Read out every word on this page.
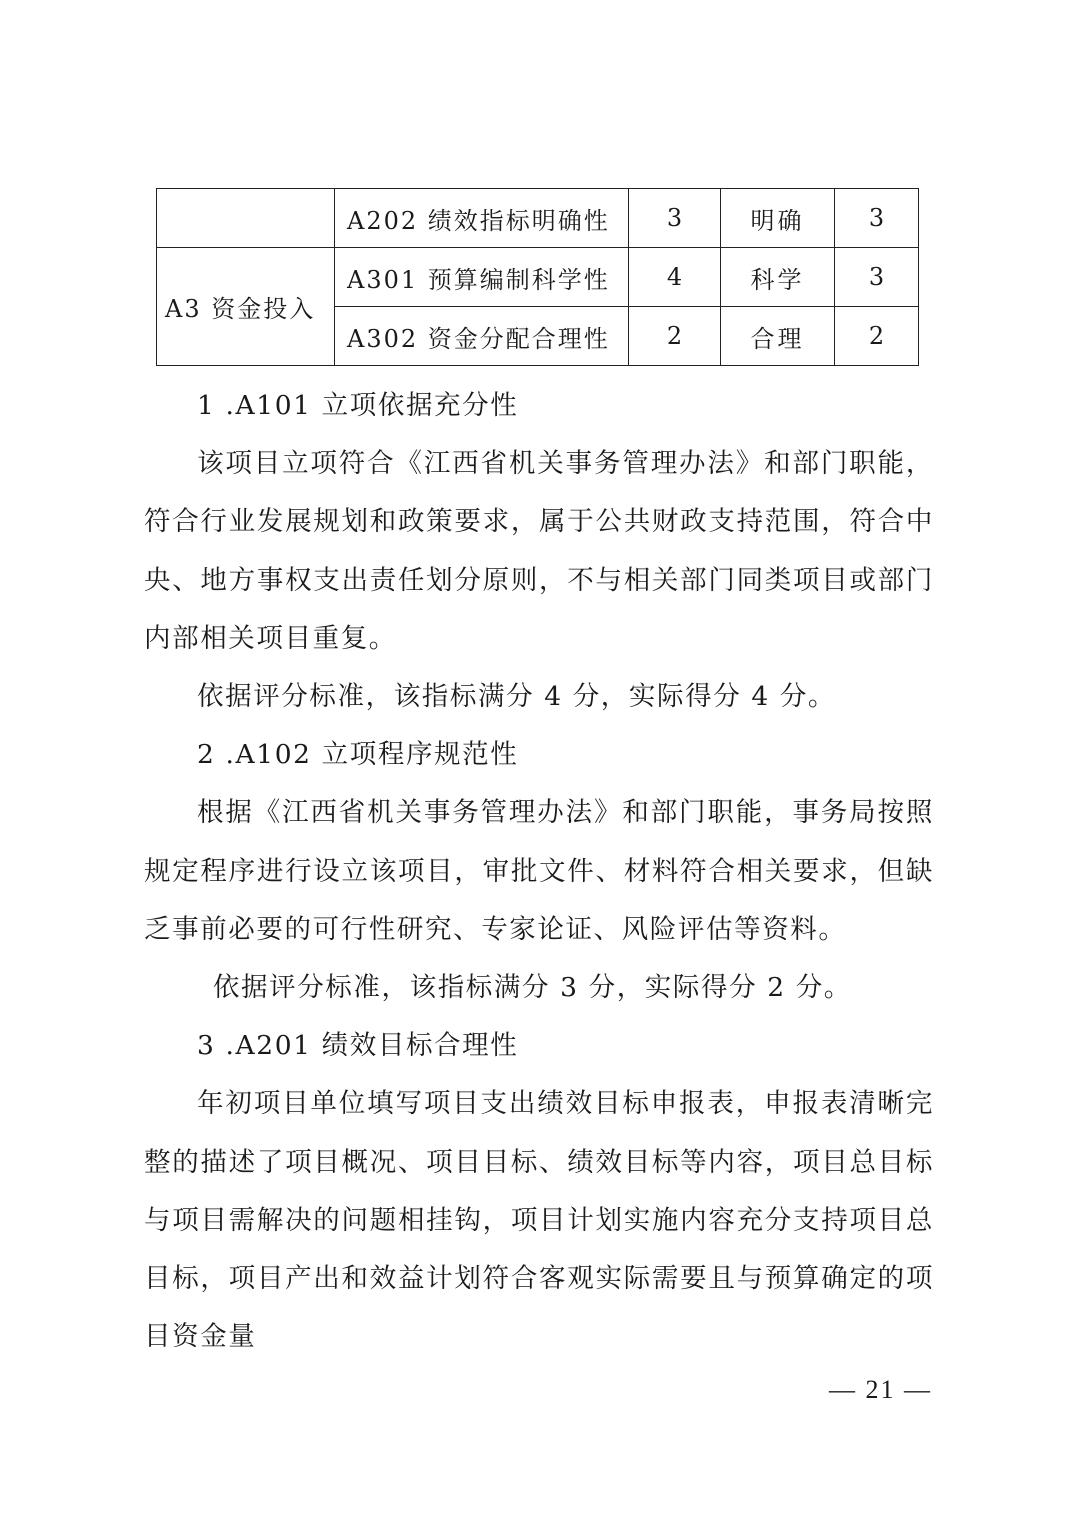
	A202 绩效指标明确性	3	明确	3
A3 资金投入	A301 预算编制科学性	4	科学	3
	A302 资金分配合理性	2	合理	2

1 .A101 立项依据充分性

该项目立项符合《江西省机关事务管理办法》和部门职能，符合行业发展规划和政策要求，属于公共财政支持范围，符合中央、地方事权支出责任划分原则，不与相关部门同类项目或部门内部相关项目重复。

依据评分标准，该指标满分 4 分，实际得分 4 分。

2 .A102 立项程序规范性

根据《江西省机关事务管理办法》和部门职能，事务局按照规定程序进行设立该项目，审批文件、材料符合相关要求，但缺乏事前必要的可行性研究、专家论证、风险评估等资料。

依据评分标准，该指标满分 3 分，实际得分 2 分。

3 .A201 绩效目标合理性

年初项目单位填写项目支出绩效目标申报表，申报表清晰完整的描述了项目概况、项目目标、绩效目标等内容，项目总目标与项目需解决的问题相挂钩，项目计划实施内容充分支持项目总目标，项目产出和效益计划符合客观实际需要且与预算确定的项目资金量

— 21 —
